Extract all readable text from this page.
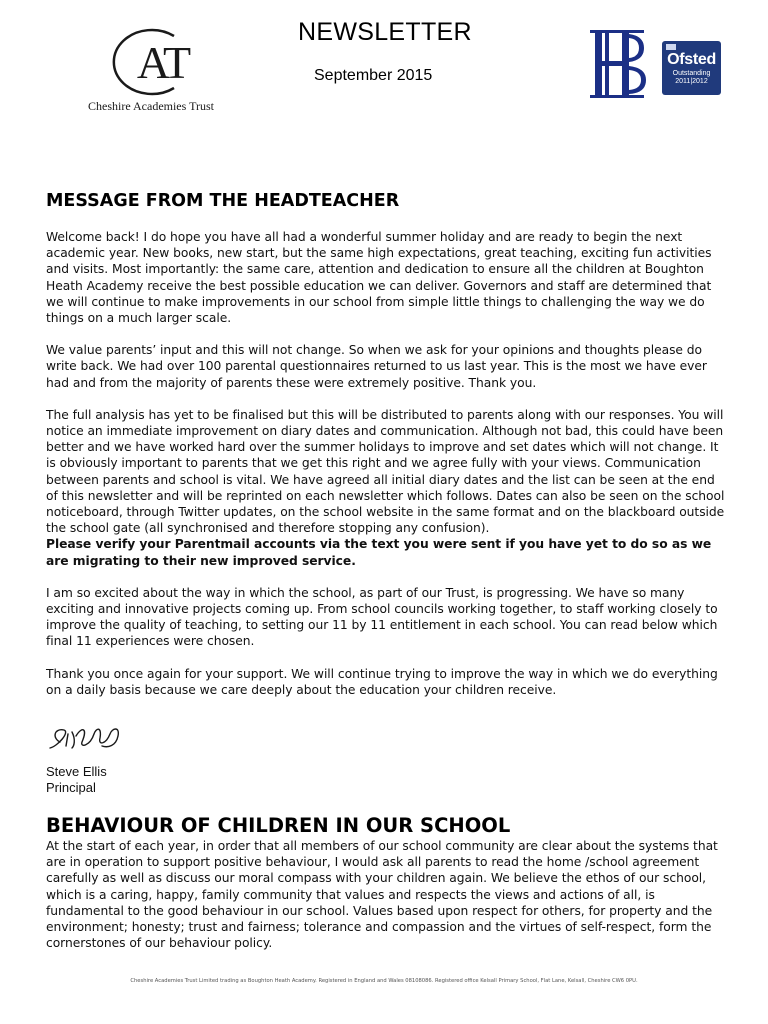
AT
Cheshire Academies Trust
NEWSLETTER
September 2015
Ofsted
Outstanding
2011|2012
MESSAGE FROM THE HEADTEACHER

Welcome back! I do hope you have all had a wonderful summer holiday and are ready to begin the next academic year. New books, new start, but the same high expectations, great teaching, exciting fun activities and visits. Most importantly: the same care, attention and dedication to ensure all the children at Boughton Heath Academy receive the best possible education we can deliver. Governors and staff are determined that we will continue to make improvements in our school from simple little things to challenging the way we do things on a much larger scale.

We value parents’ input and this will not change. So when we ask for your opinions and thoughts please do write back. We had over 100 parental questionnaires returned to us last year. This is the most we have ever had and from the majority of parents these were extremely positive. Thank you.

The full analysis has yet to be finalised but this will be distributed to parents along with our responses. You will notice an immediate improvement on diary dates and communication. Although not bad, this could have been better and we have worked hard over the summer holidays to improve and set dates which will not change. It is obviously important to parents that we get this right and we agree fully with your views. Communication between parents and school is vital. We have agreed all initial diary dates and the list can be seen at the end of this newsletter and will be reprinted on each newsletter which follows. Dates can also be seen on the school noticeboard, through Twitter updates, on the school website in the same format and on the blackboard outside the school gate (all synchronised and therefore stopping any confusion).

Please verify your Parentmail accounts via the text you were sent if you have yet to do so as we are migrating to their new improved service.

I am so excited about the way in which the school, as part of our Trust, is progressing. We have so many exciting and innovative projects coming up. From school councils working together, to staff working closely to improve the quality of teaching, to setting our 11 by 11 entitlement in each school. You can read below which final 11 experiences were chosen.

Thank you once again for your support. We will continue trying to improve the way in which we do everything on a daily basis because we care deeply about the education your children receive.

Steve Ellis
Principal
BEHAVIOUR OF CHILDREN IN OUR SCHOOL

At the start of each year, in order that all members of our school community are clear about the systems that are in operation to support positive behaviour, I would ask all parents to read the home /school agreement carefully as well as discuss our moral compass with your children again. We believe the ethos of our school, which is a caring, happy, family community that values and respects the views and actions of all, is fundamental to the good behaviour in our school. Values based upon respect for others, for property and the environment; honesty; trust and fairness; tolerance and compassion and the virtues of self-respect, form the cornerstones of our behaviour policy.

Cheshire Academies Trust Limited trading as Boughton Heath Academy. Registered in England and Wales 08108086. Registered office Kelsall Primary School, Flat Lane, Kelsall, Cheshire CW6 0PU.
